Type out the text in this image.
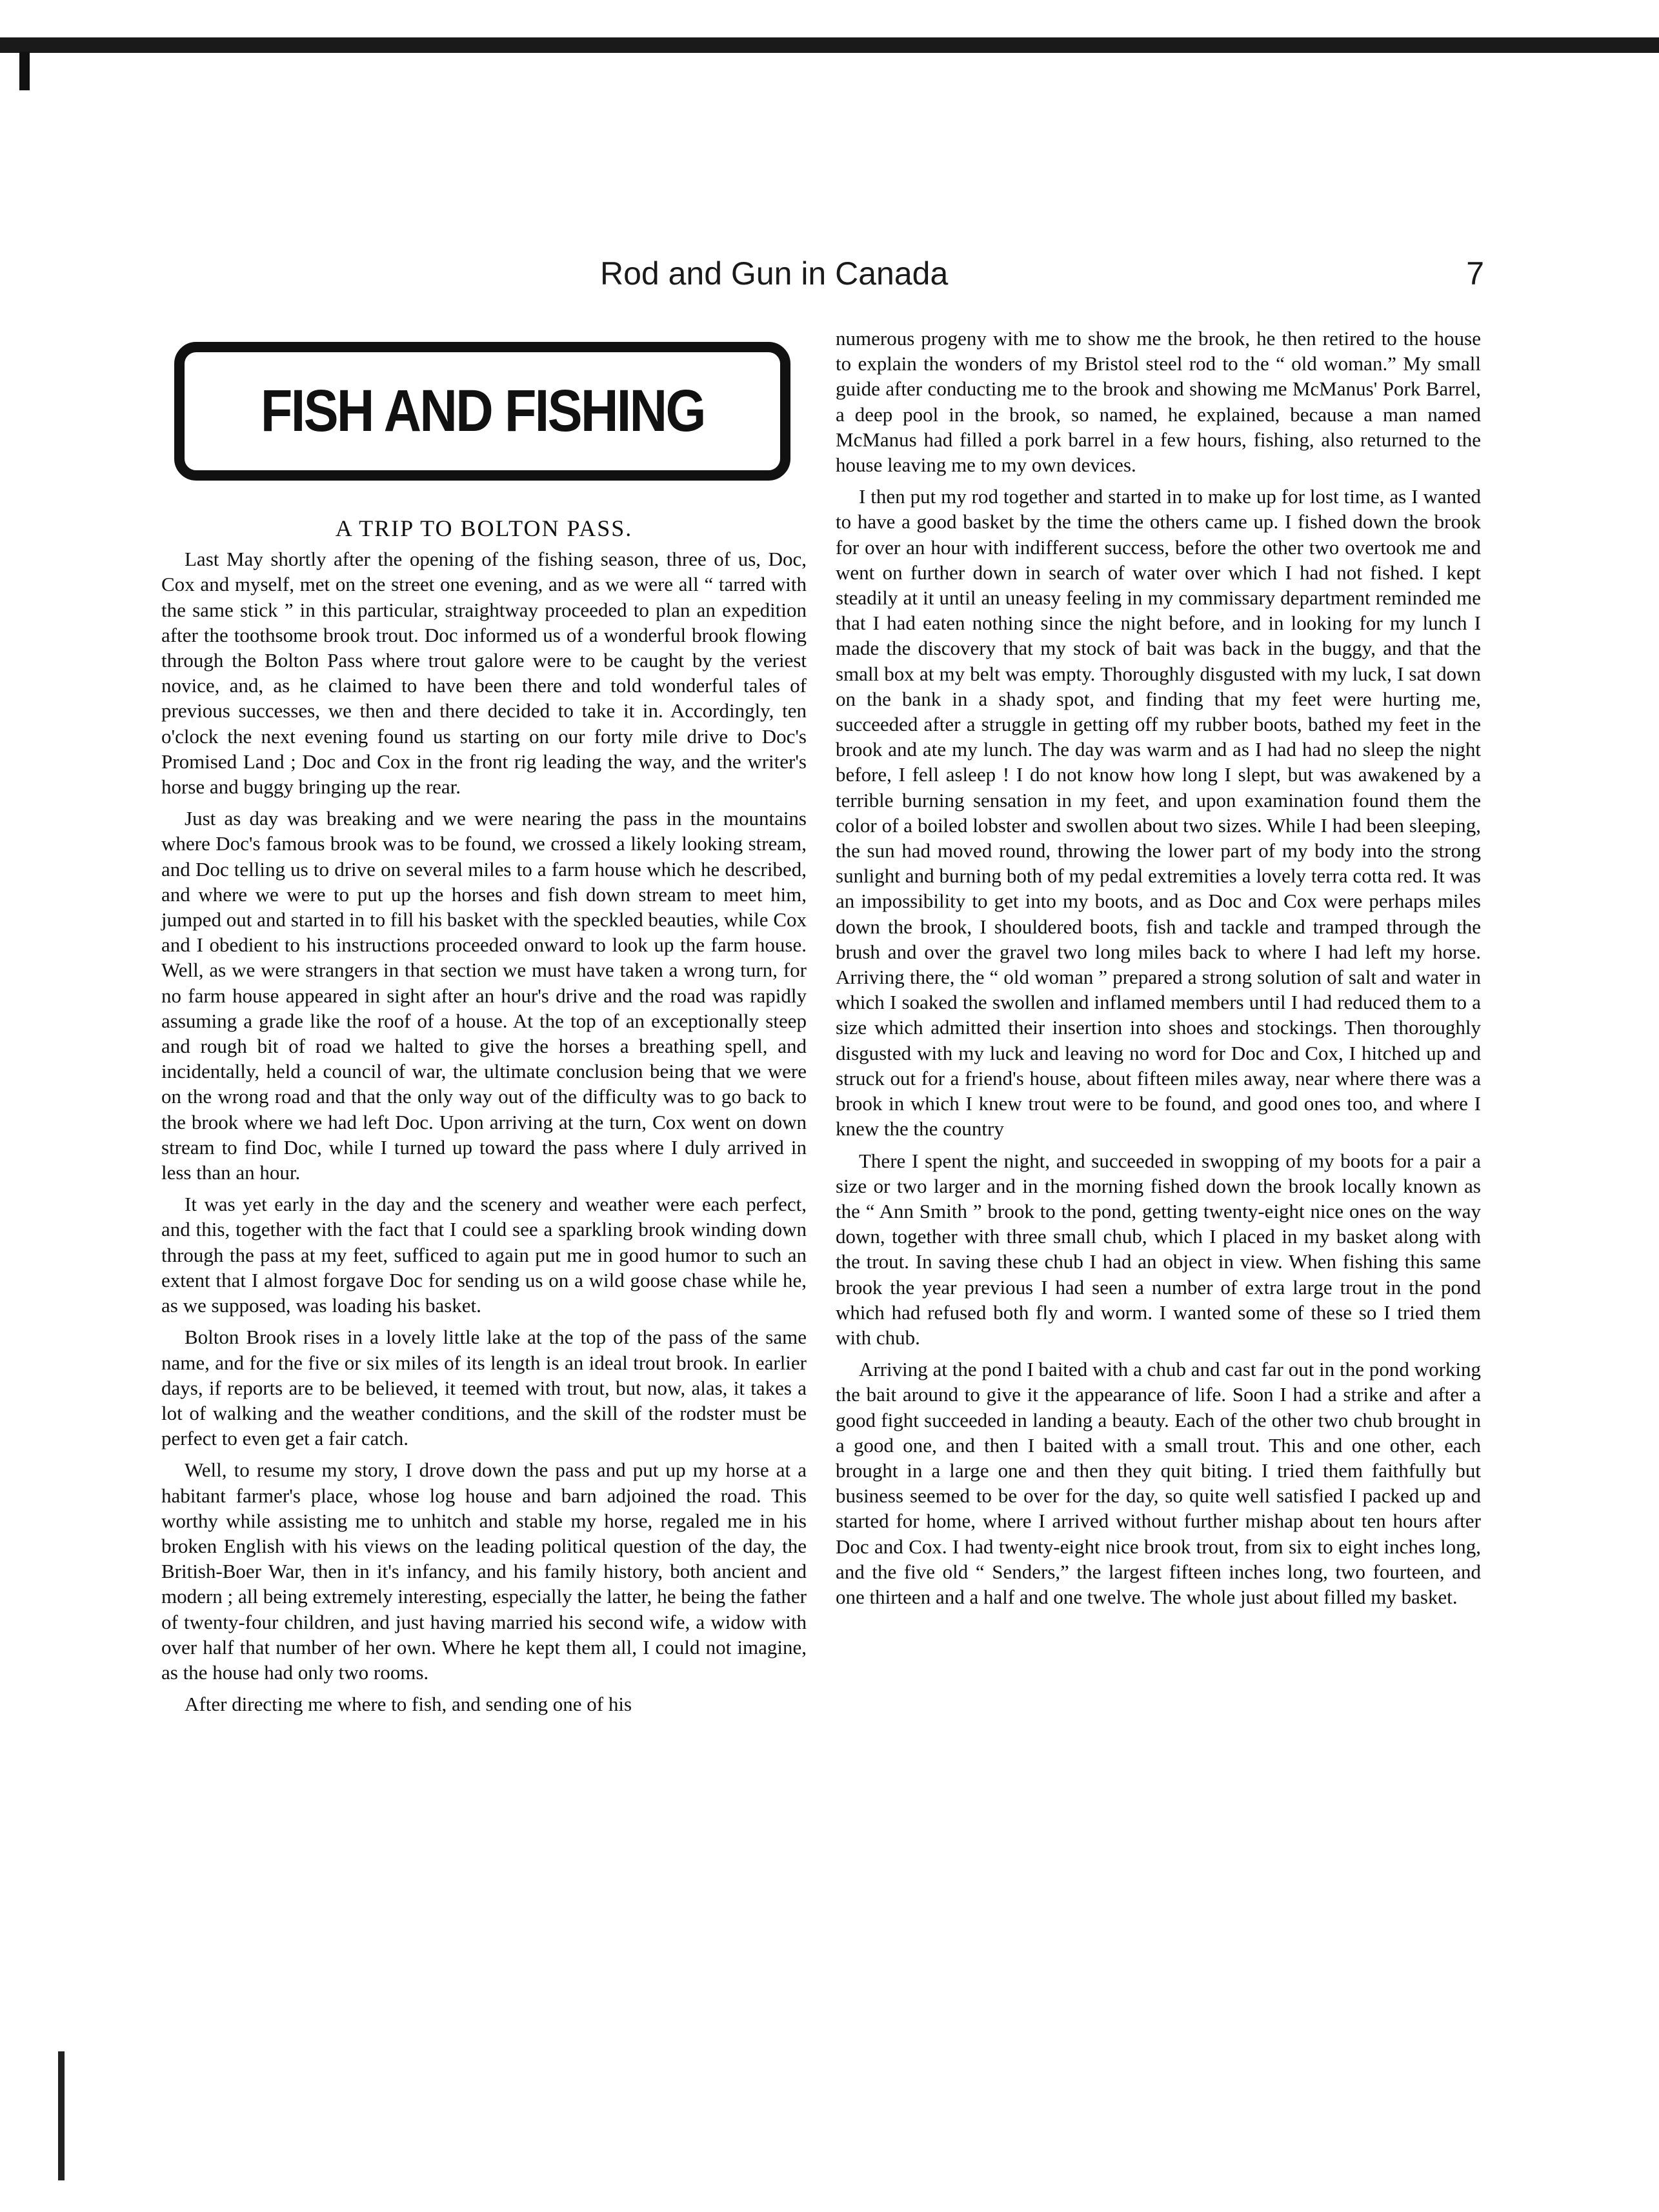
Rod and Gun in Canada	7
FISH AND FISHING
A TRIP TO BOLTON PASS.

Last May shortly after the opening of the fishing season, three of us, Doc, Cox and myself, met on the street one evening, and as we were all “ tarred with the same stick ” in this particular, straightway proceeded to plan an expedition after the toothsome brook trout. Doc informed us of a wonderful brook flowing through the Bolton Pass where trout galore were to be caught by the veriest novice, and, as he claimed to have been there and told wonderful tales of previous successes, we then and there decided to take it in. Accordingly, ten o'clock the next evening found us starting on our forty mile drive to Doc's Promised Land ; Doc and Cox in the front rig leading the way, and the writer's horse and buggy bringing up the rear.

Just as day was breaking and we were nearing the pass in the mountains where Doc's famous brook was to be found, we crossed a likely looking stream, and Doc telling us to drive on several miles to a farm house which he described, and where we were to put up the horses and fish down stream to meet him, jumped out and started in to fill his basket with the speckled beauties, while Cox and I obedient to his instructions proceeded onward to look up the farm house. Well, as we were strangers in that section we must have taken a wrong turn, for no farm house appeared in sight after an hour's drive and the road was rapidly assuming a grade like the roof of a house. At the top of an exceptionally steep and rough bit of road we halted to give the horses a breathing spell, and incidentally, held a council of war, the ultimate conclusion being that we were on the wrong road and that the only way out of the difficulty was to go back to the brook where we had left Doc. Upon arriving at the turn, Cox went on down stream to find Doc, while I turned up toward the pass where I duly arrived in less than an hour.

It was yet early in the day and the scenery and weather were each perfect, and this, together with the fact that I could see a sparkling brook winding down through the pass at my feet, sufficed to again put me in good humor to such an extent that I almost forgave Doc for sending us on a wild goose chase while he, as we supposed, was loading his basket.

Bolton Brook rises in a lovely little lake at the top of the pass of the same name, and for the five or six miles of its length is an ideal trout brook. In earlier days, if reports are to be believed, it teemed with trout, but now, alas, it takes a lot of walking and the weather conditions, and the skill of the rodster must be perfect to even get a fair catch.

Well, to resume my story, I drove down the pass and put up my horse at a habitant farmer's place, whose log house and barn adjoined the road. This worthy while assisting me to unhitch and stable my horse, regaled me in his broken English with his views on the leading political question of the day, the British-Boer War, then in it's infancy, and his family history, both ancient and modern ; all being extremely interesting, especially the latter, he being the father of twenty-four children, and just having married his second wife, a widow with over half that number of her own. Where he kept them all, I could not imagine, as the house had only two rooms.

After directing me where to fish, and sending one of his

numerous progeny with me to show me the brook, he then retired to the house to explain the wonders of my Bristol steel rod to the “ old woman.” My small guide after conducting me to the brook and showing me McManus' Pork Barrel, a deep pool in the brook, so named, he explained, because a man named McManus had filled a pork barrel in a few hours, fishing, also returned to the house leaving me to my own devices.

I then put my rod together and started in to make up for lost time, as I wanted to have a good basket by the time the others came up. I fished down the brook for over an hour with indifferent success, before the other two overtook me and went on further down in search of water over which I had not fished. I kept steadily at it until an uneasy feeling in my commissary department reminded me that I had eaten nothing since the night before, and in looking for my lunch I made the discovery that my stock of bait was back in the buggy, and that the small box at my belt was empty. Thoroughly disgusted with my luck, I sat down on the bank in a shady spot, and finding that my feet were hurting me, succeeded after a struggle in getting off my rubber boots, bathed my feet in the brook and ate my lunch. The day was warm and as I had had no sleep the night before, I fell asleep ! I do not know how long I slept, but was awakened by a terrible burning sensation in my feet, and upon examination found them the color of a boiled lobster and swollen about two sizes. While I had been sleeping, the sun had moved round, throwing the lower part of my body into the strong sunlight and burning both of my pedal extremities a lovely terra cotta red. It was an impossibility to get into my boots, and as Doc and Cox were perhaps miles down the brook, I shouldered boots, fish and tackle and tramped through the brush and over the gravel two long miles back to where I had left my horse. Arriving there, the “ old woman ” prepared a strong solution of salt and water in which I soaked the swollen and inflamed members until I had reduced them to a size which admitted their insertion into shoes and stockings. Then thoroughly disgusted with my luck and leaving no word for Doc and Cox, I hitched up and struck out for a friend's house, about fifteen miles away, near where there was a brook in which I knew trout were to be found, and good ones too, and where I knew the the country

There I spent the night, and succeeded in swopping of my boots for a pair a size or two larger and in the morning fished down the brook locally known as the “ Ann Smith ” brook to the pond, getting twenty-eight nice ones on the way down, together with three small chub, which I placed in my basket along with the trout. In saving these chub I had an object in view. When fishing this same brook the year previous I had seen a number of extra large trout in the pond which had refused both fly and worm. I wanted some of these so I tried them with chub.

Arriving at the pond I baited with a chub and cast far out in the pond working the bait around to give it the appearance of life. Soon I had a strike and after a good fight succeeded in landing a beauty. Each of the other two chub brought in a good one, and then I baited with a small trout. This and one other, each brought in a large one and then they quit biting. I tried them faithfully but business seemed to be over for the day, so quite well satisfied I packed up and started for home, where I arrived without further mishap about ten hours after Doc and Cox. I had twenty-eight nice brook trout, from six to eight inches long, and the five old “ Senders,” the largest fifteen inches long, two fourteen, and one thirteen and a half and one twelve. The whole just about filled my basket.
